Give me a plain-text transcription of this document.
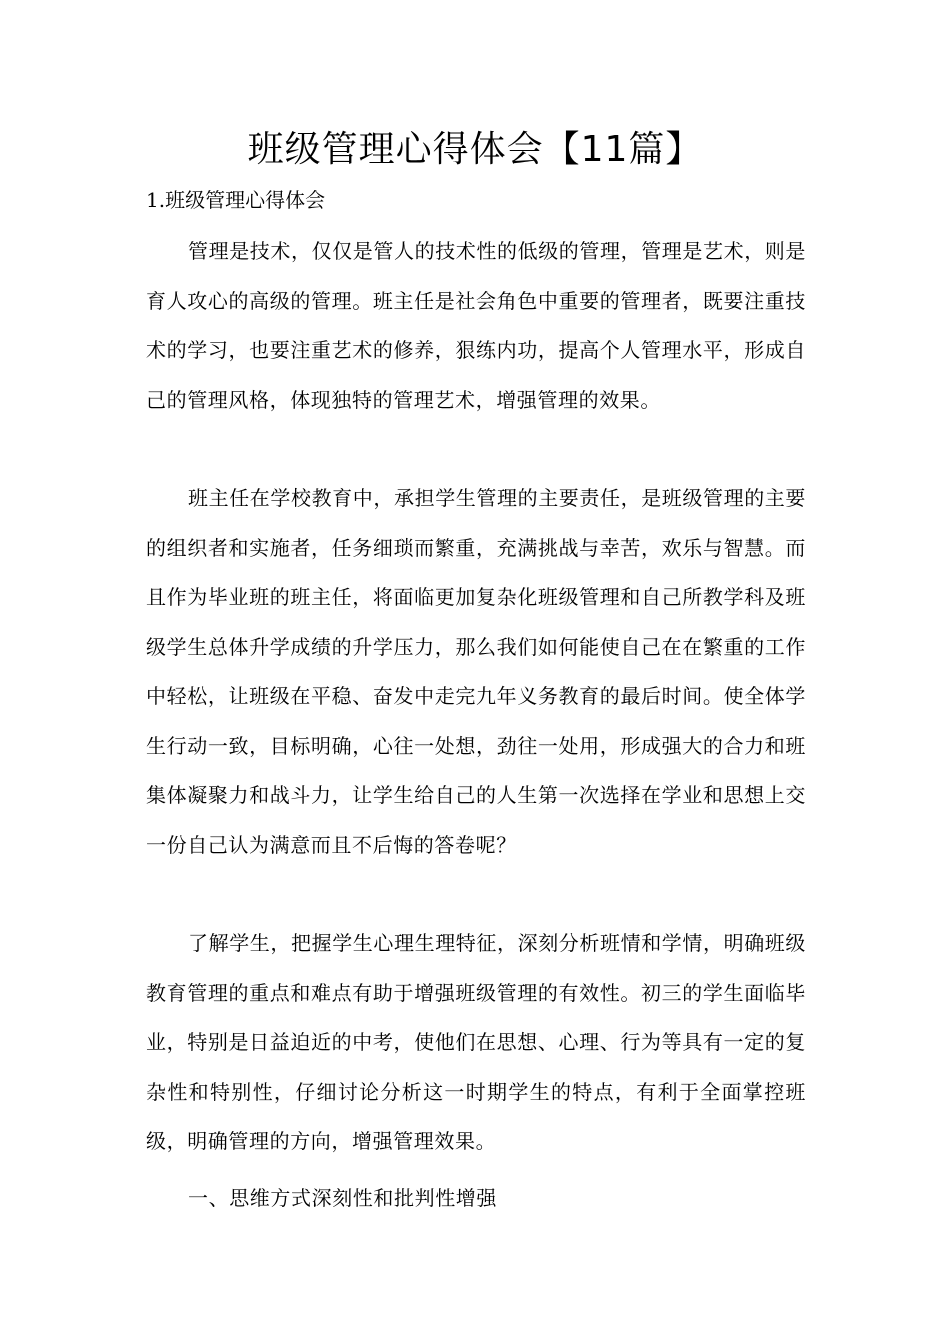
班级管理心得体会【11篇】
1.班级管理心得体会

管理是技术，仅仅是管人的技术性的低级的管理，管理是艺术，则是育人攻心的高级的管理。班主任是社会角色中重要的管理者，既要注重技术的学习，也要注重艺术的修养，狠练内功，提高个人管理水平，形成自己的管理风格，体现独特的管理艺术，增强管理的效果。

班主任在学校教育中，承担学生管理的主要责任，是班级管理的主要的组织者和实施者，任务细琐而繁重，充满挑战与幸苦，欢乐与智慧。而且作为毕业班的班主任，将面临更加复杂化班级管理和自己所教学科及班级学生总体升学成绩的升学压力，那么我们如何能使自己在在繁重的工作中轻松，让班级在平稳、奋发中走完九年义务教育的最后时间。使全体学生行动一致，目标明确，心往一处想，劲往一处用，形成强大的合力和班集体凝聚力和战斗力，让学生给自己的人生第一次选择在学业和思想上交一份自己认为满意而且不后悔的答卷呢？

了解学生，把握学生心理生理特征，深刻分析班情和学情，明确班级教育管理的重点和难点有助于增强班级管理的有效性。初三的学生面临毕业，特别是日益迫近的中考，使他们在思想、心理、行为等具有一定的复杂性和特别性，仔细讨论分析这一时期学生的特点，有利于全面掌控班级，明确管理的方向，增强管理效果。

一、思维方式深刻性和批判性增强
